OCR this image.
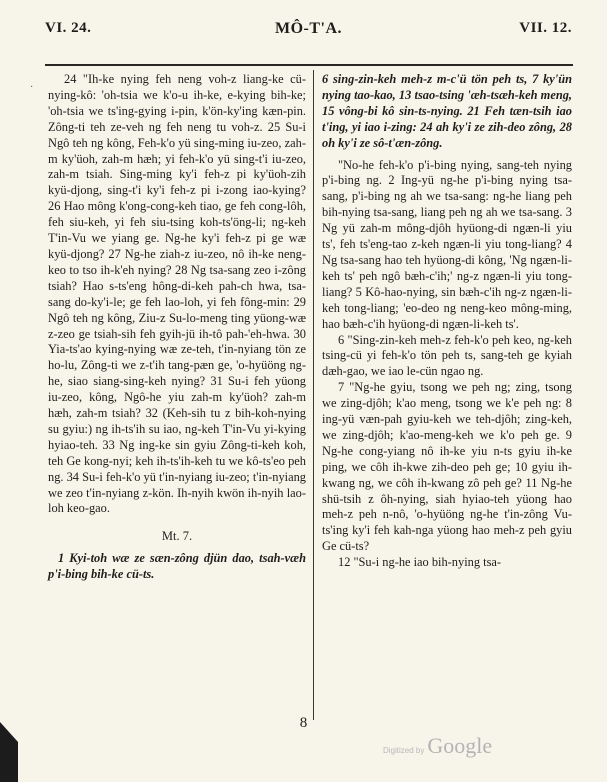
VI. 24.	MÔ-T'A.	VII. 12.
·

24 "Ih-ke nying feh neng voh-z liang-ke cü-nying-kô: 'oh-tsia we k'o-u ih-ke, e-kying bih-ke; 'oh-tsia we ts'ing-gying i-pin, k'ön-ky'ing kæn-pin. Zông-ti teh ze-veh ng feh neng tu voh-z. 25 Su-i Ngô teh ng kông, Feh-k'o yü sing-ming iu-zeo, zah-m ky'üoh, zah-m hæh; yi feh-k'o yü sing-t'i iu-zeo, zah-m tsiah. Sing-ming ky'i feh-z pi ky'üoh-zih kyü-djong, sing-t'i ky'i feh-z pi i-zong iao-kying? 26 Hao mông k'ong-cong-keh tiao, ge feh cong-lôh, feh siu-keh, yi feh siu-tsing koh-ts'öng-li; ng-keh T'in-Vu we yiang ge. Ng-he ky'i feh-z pi ge wæ kyü-djong? 27 Ng-he ziah-z iu-zeo, nô ih-ke neng-keo to tso ih-k'eh nying? 28 Ng tsa-sang zeo i-zông tsiah? Hao s-ts'eng hông-di-keh pah-ch hwa, tsa-sang do-ky'i-le; ge feh lao-loh, yi feh fông-min: 29 Ngô teh ng kông, Ziu-z Su-lo-meng ting yüong-wæ z-zeo ge tsiah-sih feh gyih-jü ih-tô pah-'eh-hwa. 30 Yia-ts'ao kying-nying wæ ze-teh, t'in-nyiang tön ze ho-lu, Zông-ti we z-t'ih tang-pæn ge, 'o-hyüöng ng-he, siao siang-sing-keh nying? 31 Su-i feh yüong iu-zeo, kông, Ngô-he yiu zah-m ky'üoh? zah-m hæh, zah-m tsiah? 32 (Keh-sih tu z bih-koh-nying su gyiu:) ng ih-ts'ih su iao, ng-keh T'in-Vu yi-kying hyiao-teh. 33 Ng ing-ke sin gyiu Zông-ti-keh koh, teh Ge kong-nyi; keh ih-ts'ih-keh tu we kô-ts'eo peh ng. 34 Su-i feh-k'o yü t'in-nyiang iu-zeo; t'in-nyiang we zeo t'in-nyiang z-kön. Ih-nyih kwön ih-nyih lao-loh keo-gao.

Mt. 7.

1 Kyi-toh wæ ze sæn-zông djün dao, tsah-væh p'i-bing bih-ke cü-ts.

6 sing-zin-keh meh-z m-c'ü tön peh ts, 7 ky'ün nying tao-kao, 13 tsao-tsing 'æh-tsæh-keh meng, 15 vông-bi kô sin-ts-nying. 21 Feh tæn-tsih iao t'ing, yi iao i-zing: 24 ah ky'i ze zih-deo zông, 28 oh ky'i ze sô-t'æn-zông.

"No-he feh-k'o p'i-bing nying, sang-teh nying p'i-bing ng. 2 Ing-yü ng-he p'i-bing nying tsa-sang, p'i-bing ng ah we tsa-sang: ng-he liang peh bih-nying tsa-sang, liang peh ng ah we tsa-sang. 3 Ng yü zah-m mông-djôh hyüong-di ngæn-li yiu ts', feh ts'eng-tao z-keh ngæn-li yiu tong-liang? 4 Ng tsa-sang hao teh hyüong-di kông, 'Ng ngæn-li-keh ts' peh ngô bæh-c'ih;' ng-z ngæn-li yiu tong-liang? 5 Kô-hao-nying, sin bæh-c'ih ng-z ngæn-li-keh tong-liang; 'eo-deo ng neng-keo mông-ming, hao bæh-c'ih hyüong-di ngæn-li-keh ts'.

6 "Sing-zin-keh meh-z feh-k'o peh keo, ng-keh tsing-cü yi feh-k'o tön peh ts, sang-teh ge kyiah dæh-gao, we iao le-cün ngao ng.

7 "Ng-he gyiu, tsong we peh ng; zing, tsong we zing-djôh; k'ao meng, tsong we k'e peh ng: 8 ing-yü væn-pah gyiu-keh we teh-djôh; zing-keh, we zing-djôh; k'ao-meng-keh we k'o peh ge. 9 Ng-he cong-yiang nô ih-ke yiu n-ts gyiu ih-ke ping, we côh ih-kwe zih-deo peh ge; 10 gyiu ih-kwang ng, we côh ih-kwang zô peh ge? 11 Ng-he shü-tsih z ôh-nying, siah hyiao-teh yüong hao meh-z peh n-nô, 'o-hyüöng ng-he t'in-zông Vu-ts'ing ky'i feh kah-nga yüong hao meh-z peh gyiu Ge cü-ts?

12 "Su-i ng-he iao bih-nying tsa-

8
Digitized by Google
